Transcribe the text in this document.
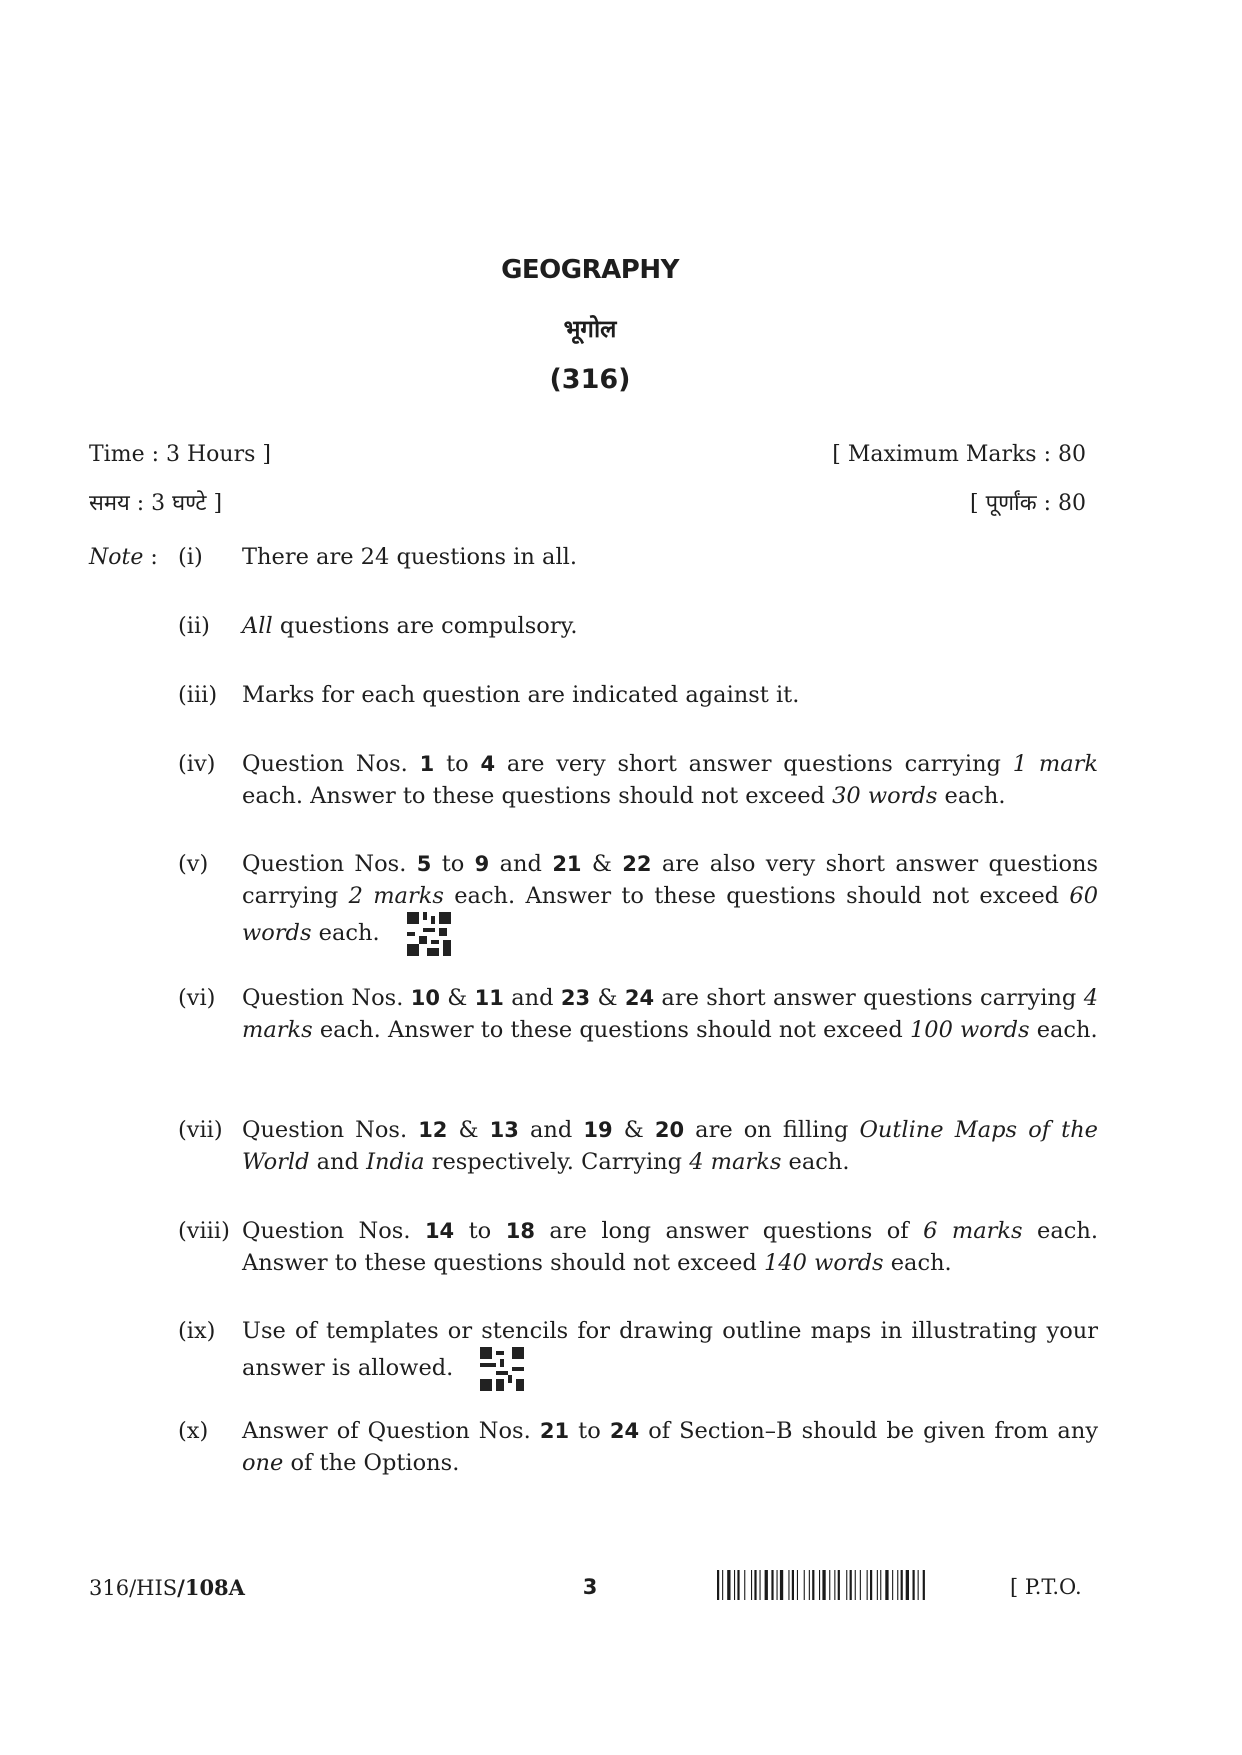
GEOGRAPHY
भूगोल
(316)
Time : 3 Hours ]	[ Maximum Marks : 80
समय : 3 घण्टे ]	[ पूर्णांक : 80
Note : (i) There are 24 questions in all.
(ii) All questions are compulsory.
(iii) Marks for each question are indicated against it.
(iv) Question Nos. 1 to 4 are very short answer questions carrying 1 mark each. Answer to these questions should not exceed 30 words each.
(v) Question Nos. 5 to 9 and 21 & 22 are also very short answer questions carrying 2 marks each. Answer to these questions should not exceed 60 words each.
(vi) Question Nos. 10 & 11 and 23 & 24 are short answer questions carrying 4 marks each. Answer to these questions should not exceed 100 words each.
(vii) Question Nos. 12 & 13 and 19 & 20 are on filling Outline Maps of the World and India respectively. Carrying 4 marks each.
(viii) Question Nos. 14 to 18 are long answer questions of 6 marks each. Answer to these questions should not exceed 140 words each.
(ix) Use of templates or stencils for drawing outline maps in illustrating your answer is allowed.
(x) Answer of Question Nos. 21 to 24 of Section–B should be given from any one of the Options.
316/HIS/108A	3	[ P.T.O.
